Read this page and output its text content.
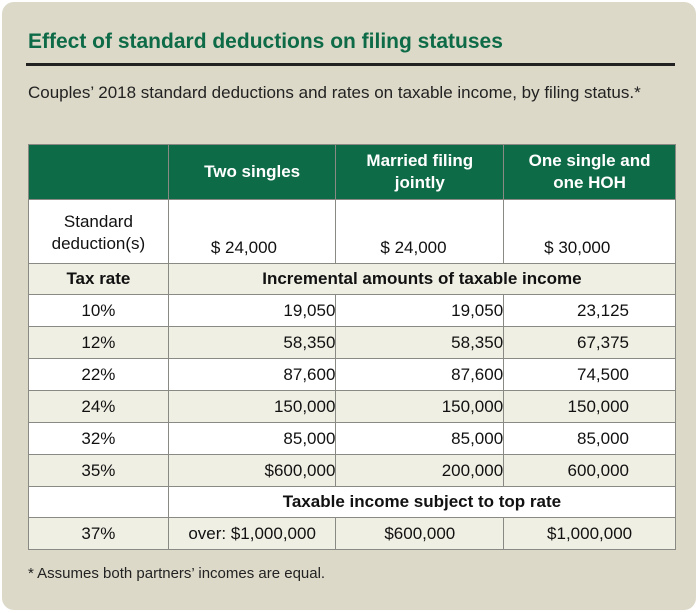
Effect of standard deductions on filing statuses

Couples’ 2018 standard deductions and rates on taxable income, by filing status.*

	Two singles	Married filing jointly	One single and one HOH

Standard deduction(s)	$ 24,000	$ 24,000	$ 30,000
Tax rate	Incremental amounts of taxable income		
10%	19,050	19,050	23,125
12%	58,350	58,350	67,375
22%	87,600	87,600	74,500
24%	150,000	150,000	150,000
32%	85,000	85,000	85,000
35%	$600,000	200,000	600,000
	Taxable income subject to top rate		
37%	over: $1,000,000	$600,000	$1,000,000

* Assumes both partners’ incomes are equal.
